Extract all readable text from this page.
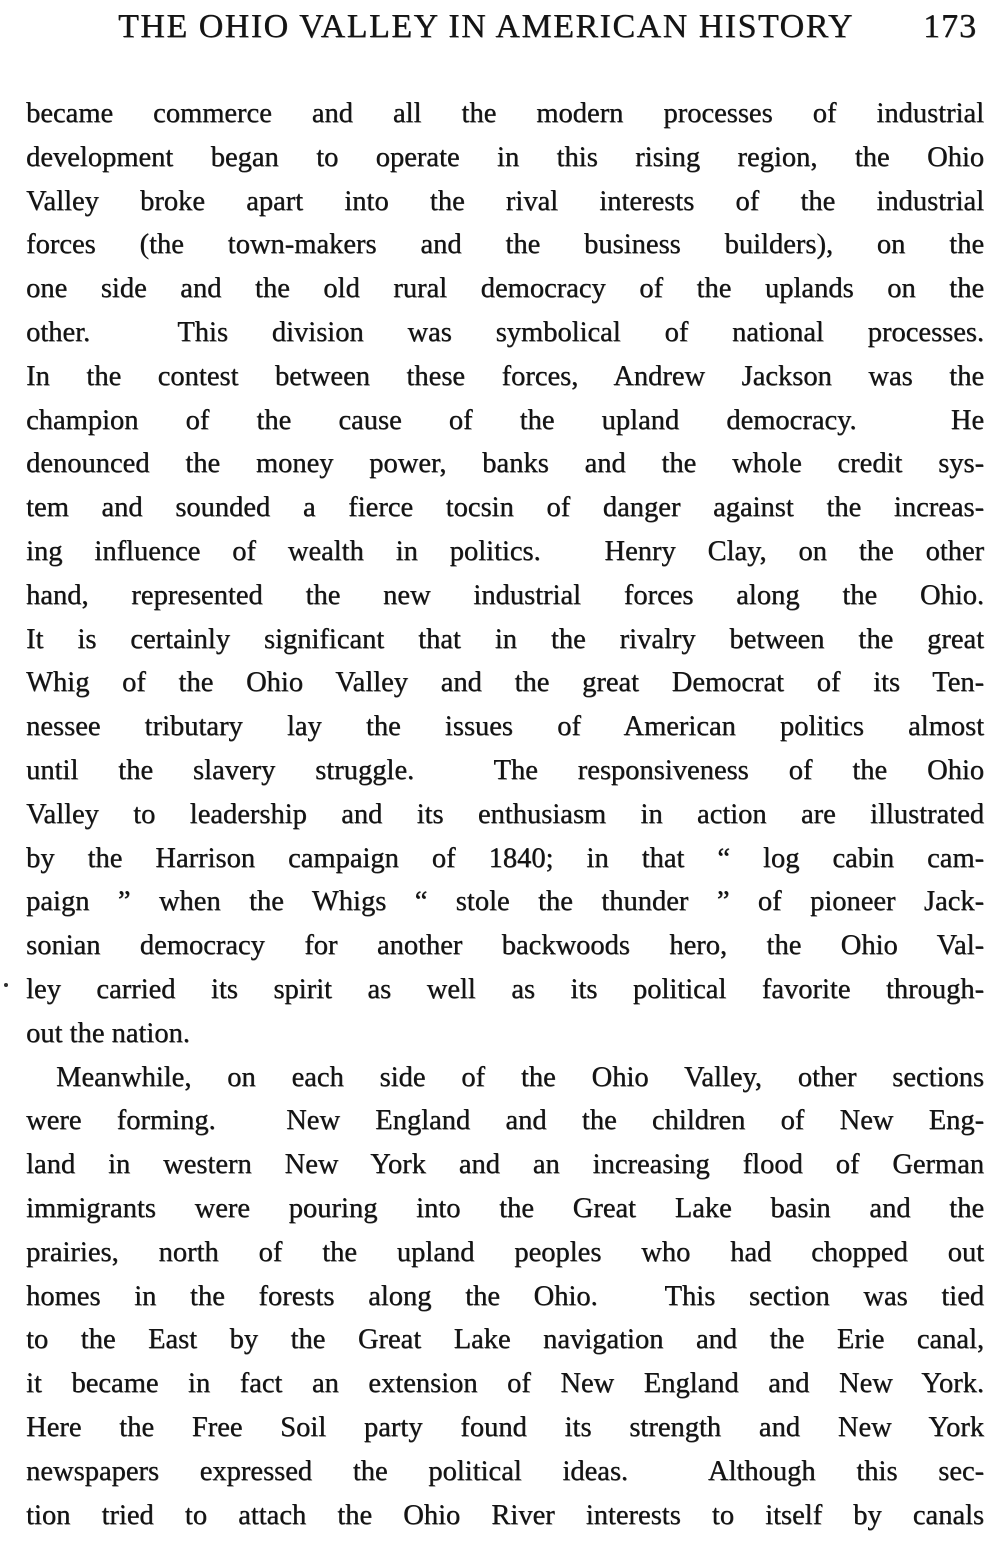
THE OHIO VALLEY IN AMERICAN HISTORY	173
became commerce and all the modern processes of industrial
development began to operate in this rising region, the Ohio
Valley broke apart into the rival interests of the industrial
forces (the town-makers and the business builders), on the
one side and the old rural democracy of the uplands on the
other.  This division was symbolical of national processes.
In the contest between these forces, Andrew Jackson was the
champion of the cause of the upland democracy.  He
denounced the money power, banks and the whole credit sys-
tem and sounded a fierce tocsin of danger against the increas-
ing influence of wealth in politics.  Henry Clay, on the other
hand, represented the new industrial forces along the Ohio.
It is certainly significant that in the rivalry between the great
Whig of the Ohio Valley and the great Democrat of its Ten-
nessee tributary lay the issues of American politics almost
until the slavery struggle.  The responsiveness of the Ohio
Valley to leadership and its enthusiasm in action are illustrated
by the Harrison campaign of 1840; in that “ log cabin cam-
paign ” when the Whigs “ stole the thunder ” of pioneer Jack-
sonian democracy for another backwoods hero, the Ohio Val-
ley carried its spirit as well as its political favorite through-
out the nation.
Meanwhile, on each side of the Ohio Valley, other sections
were forming.  New England and the children of New Eng-
land in western New York and an increasing flood of German
immigrants were pouring into the Great Lake basin and the
prairies, north of the upland peoples who had chopped out
homes in the forests along the Ohio.  This section was tied
to the East by the Great Lake navigation and the Erie canal,
it became in fact an extension of New England and New York.
Here the Free Soil party found its strength and New York
newspapers expressed the political ideas.  Although this sec-
tion tried to attach the Ohio River interests to itself by canals
